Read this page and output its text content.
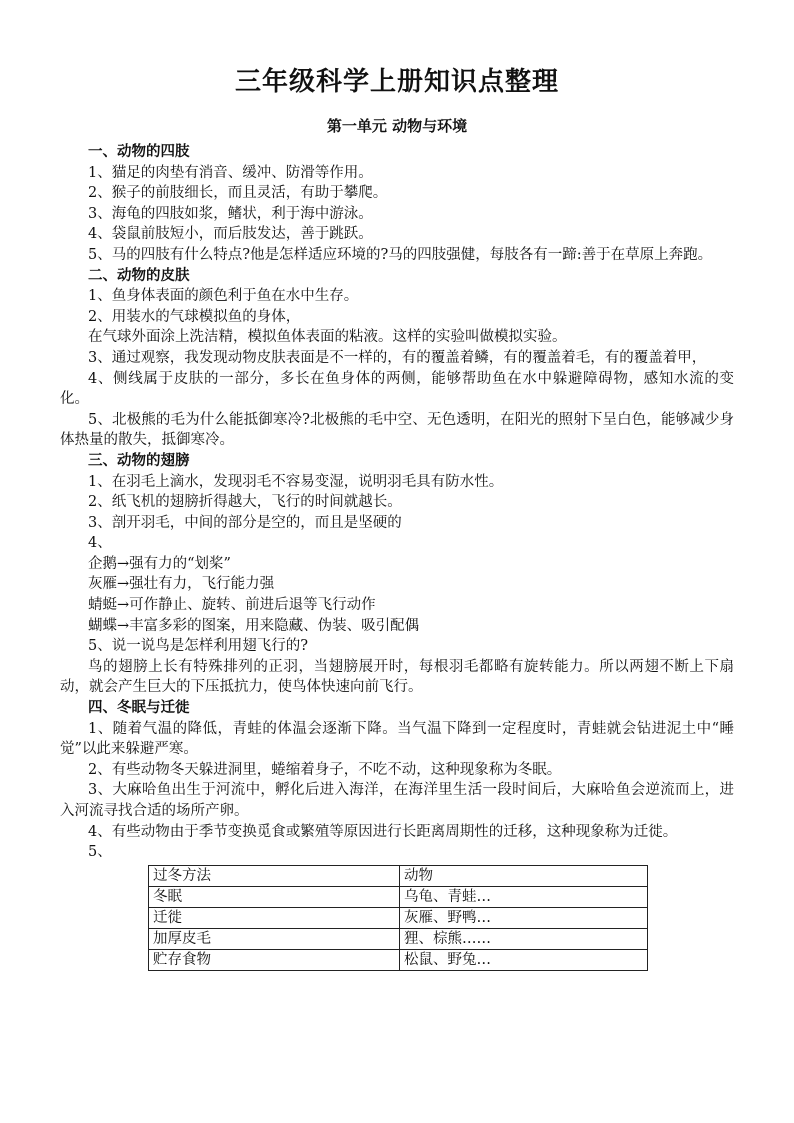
三年级科学上册知识点整理
第一单元 动物与环境
一、动物的四肢

1、猫足的肉垫有消音、缓冲、防滑等作用。

2、猴子的前肢细长，而且灵活，有助于攀爬。

3、海龟的四肢如浆，鳍状，利于海中游泳。

4、袋鼠前肢短小，而后肢发达，善于跳跃。

5、马的四肢有什么特点?他是怎样适应环境的?马的四肢强健，每肢各有一蹄:善于在草原上奔跑。

二、动物的皮肤

1、鱼身体表面的颜色利于鱼在水中生存。

2、用装水的气球模拟鱼的身体，

在气球外面涂上洗洁精，模拟鱼体表面的粘液。这样的实验叫做模拟实验。

3、通过观察，我发现动物皮肤表面是不一样的，有的覆盖着鳞，有的覆盖着毛，有的覆盖着甲，

4、侧线属于皮肤的一部分，多长在鱼身体的两侧，能够帮助鱼在水中躲避障碍物，感知水流的变化。

5、北极熊的毛为什么能抵御寒冷?北极熊的毛中空、无色透明，在阳光的照射下呈白色，能够减少身体热量的散失，抵御寒冷。

三、动物的翅膀

1、在羽毛上滴水，发现羽毛不容易变湿，说明羽毛具有防水性。

2、纸飞机的翅膀折得越大，飞行的时间就越长。

3、剖开羽毛，中间的部分是空的，而且是坚硬的

4、

企鹅→强有力的“划桨”

灰雁→强壮有力，飞行能力强

蜻蜓→可作静止、旋转、前进后退等飞行动作

蝴蝶→丰富多彩的图案，用来隐藏、伪装、吸引配偶

5、说一说鸟是怎样利用翅飞行的?

鸟的翅膀上长有特殊排列的正羽，当翅膀展开时，每根羽毛都略有旋转能力。所以两翅不断上下扇动，就会产生巨大的下压抵抗力，使鸟体快速向前飞行。

四、冬眠与迁徙

1、随着气温的降低，青蛙的体温会逐渐下降。当气温下降到一定程度时，青蛙就会钻进泥土中“睡觉”以此来躲避严寒。

2、有些动物冬天躲进洞里，蜷缩着身子，不吃不动，这种现象称为冬眠。

3、大麻哈鱼出生于河流中，孵化后进入海洋，在海洋里生活一段时间后，大麻哈鱼会逆流而上，进入河流寻找合适的场所产卵。

4、有些动物由于季节变换觅食或繁殖等原因进行长距离周期性的迁移，这种现象称为迁徙。

5、

过冬方法	动物
冬眠	乌龟、青蛙…
迁徙	灰雁、野鸭…
加厚皮毛	狸、棕熊……
贮存食物	松鼠、野兔…
